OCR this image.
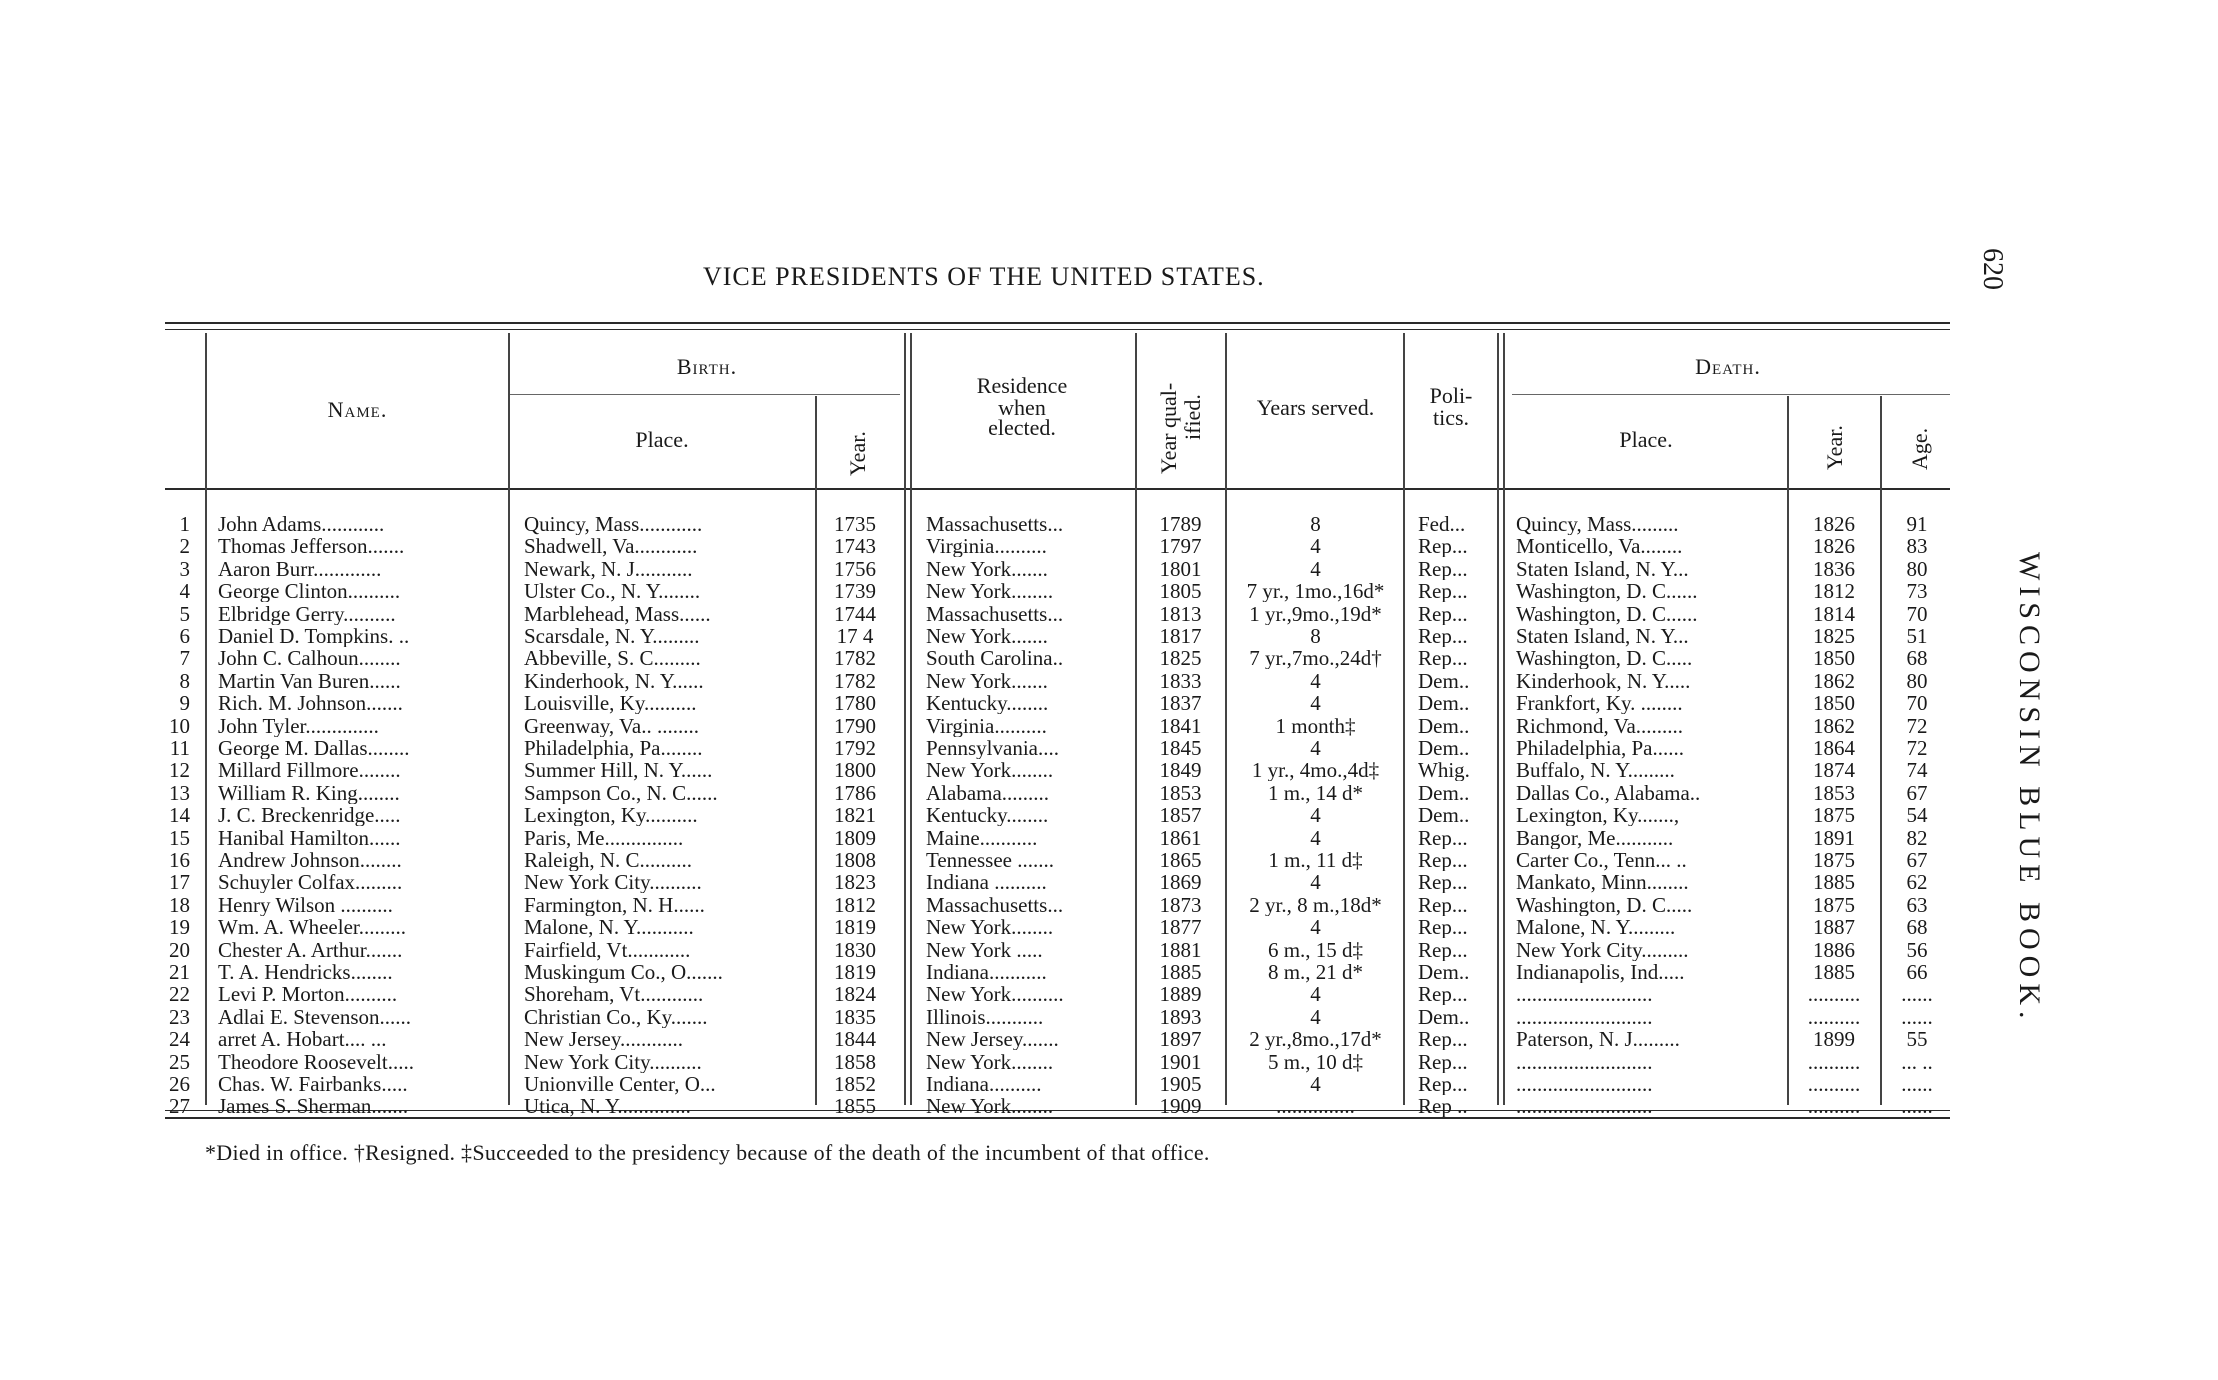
VICE PRESIDENTS OF THE UNITED STATES.	620
WISCONSIN BLUE BOOK.
Name.
Birth.
Place.	Year.
Residence
when
elected.	Year qual- ified.	Years served.	Poli-
tics.
Death.
Place.	Year.	Age.
1 John Adams............	Quincy, Mass............	1735	Massachusetts...	1789	8	Fed...	Quincy, Mass.........	1826	91
2 Thomas Jefferson.......	Shadwell, Va............	1743	Virginia..........	1797	4	Rep...	Monticello, Va........	1826	83
3 Aaron Burr.............	Newark, N. J...........	1756	New York.......	1801	4	Rep...	Staten Island, N. Y...	1836	80
4 George Clinton..........	Ulster Co., N. Y........	1739	New York........	1805	7 yr., 1mo.,16d*	Rep...	Washington, D. C......	1812	73
5 Elbridge Gerry..........	Marblehead, Mass......	1744	Massachusetts...	1813	1 yr.,9mo.,19d*	Rep...	Washington, D. C......	1814	70
6 Daniel D. Tompkins. ..	Scarsdale, N. Y.........	17 4	New York.......	1817	8	Rep...	Staten Island, N. Y...	1825	51
7 John C. Calhoun........	Abbeville, S. C.........	1782	South Carolina..	1825	7 yr.,7mo.,24d†	Rep...	Washington, D. C.....	1850	68
8 Martin Van Buren......	Kinderhook, N. Y......	1782	New York.......	1833	4	Dem..	Kinderhook, N. Y.....	1862	80
9 Rich. M. Johnson.......	Louisville, Ky..........	1780	Kentucky........	1837	4	Dem..	Frankfort, Ky. ........	1850	70
10 John Tyler..............	Greenway, Va.. ........	1790	Virginia..........	1841	1 month‡	Dem..	Richmond, Va.........	1862	72
11 George M. Dallas........	Philadelphia, Pa........	1792	Pennsylvania....	1845	4	Dem..	Philadelphia, Pa......	1864	72
12 Millard Fillmore........	Summer Hill, N. Y......	1800	New York........	1849	1 yr., 4mo.,4d‡	Whig.	Buffalo, N. Y.........	1874	74
13 William R. King........	Sampson Co., N. C......	1786	Alabama.........	1853	1 m., 14 d*	Dem..	Dallas Co., Alabama..	1853	67
14 J. C. Breckenridge.....	Lexington, Ky..........	1821	Kentucky........	1857	4	Dem..	Lexington, Ky.......,	1875	54
15 Hanibal Hamilton......	Paris, Me...............	1809	Maine...........	1861	4	Rep...	Bangor, Me...........	1891	82
16 Andrew Johnson........	Raleigh, N. C..........	1808	Tennessee .......	1865	1 m., 11 d‡	Rep...	Carter Co., Tenn... ..	1875	67
17 Schuyler Colfax.........	New York City..........	1823	Indiana ..........	1869	4	Rep...	Mankato, Minn........	1885	62
18 Henry Wilson ..........	Farmington, N. H......	1812	Massachusetts...	1873	2 yr., 8 m.,18d*	Rep...	Washington, D. C.....	1875	63
19 Wm. A. Wheeler.........	Malone, N. Y...........	1819	New York........	1877	4	Rep...	Malone, N. Y.........	1887	68
20 Chester A. Arthur.......	Fairfield, Vt............	1830	New York .....	1881	6 m., 15 d‡	Rep...	New York City.........	1886	56
21 T. A. Hendricks........	Muskingum Co., O.......	1819	Indiana...........	1885	8 m., 21 d*	Dem..	Indianapolis, Ind.....	1885	66
22 Levi P. Morton..........	Shoreham, Vt............	1824	New York..........	1889	4	Rep...	..........................	..........	......
23 Adlai E. Stevenson......	Christian Co., Ky.......	1835	Illinois...........	1893	4	Dem..	..........................	..........	......
24 arret A. Hobart.... ...	New Jersey............	1844	New Jersey.......	1897	2 yr.,8mo.,17d*	Rep...	Paterson, N. J.........	1899	55
25 Theodore Roosevelt.....	New York City..........	1858	New York........	1901	5 m., 10 d‡	Rep...	..........................	..........	... ..
26 Chas. W. Fairbanks.....	Unionville Center, O...	1852	Indiana..........	1905	4	Rep...	..........................	..........	......
27 James S. Sherman.......	Utica, N. Y..............	1855	New York........	1909	...............	Rep ..	..........................	..........	......
*Died in office. †Resigned. ‡Succeeded to the presidency because of the death of the incumbent of that office.
